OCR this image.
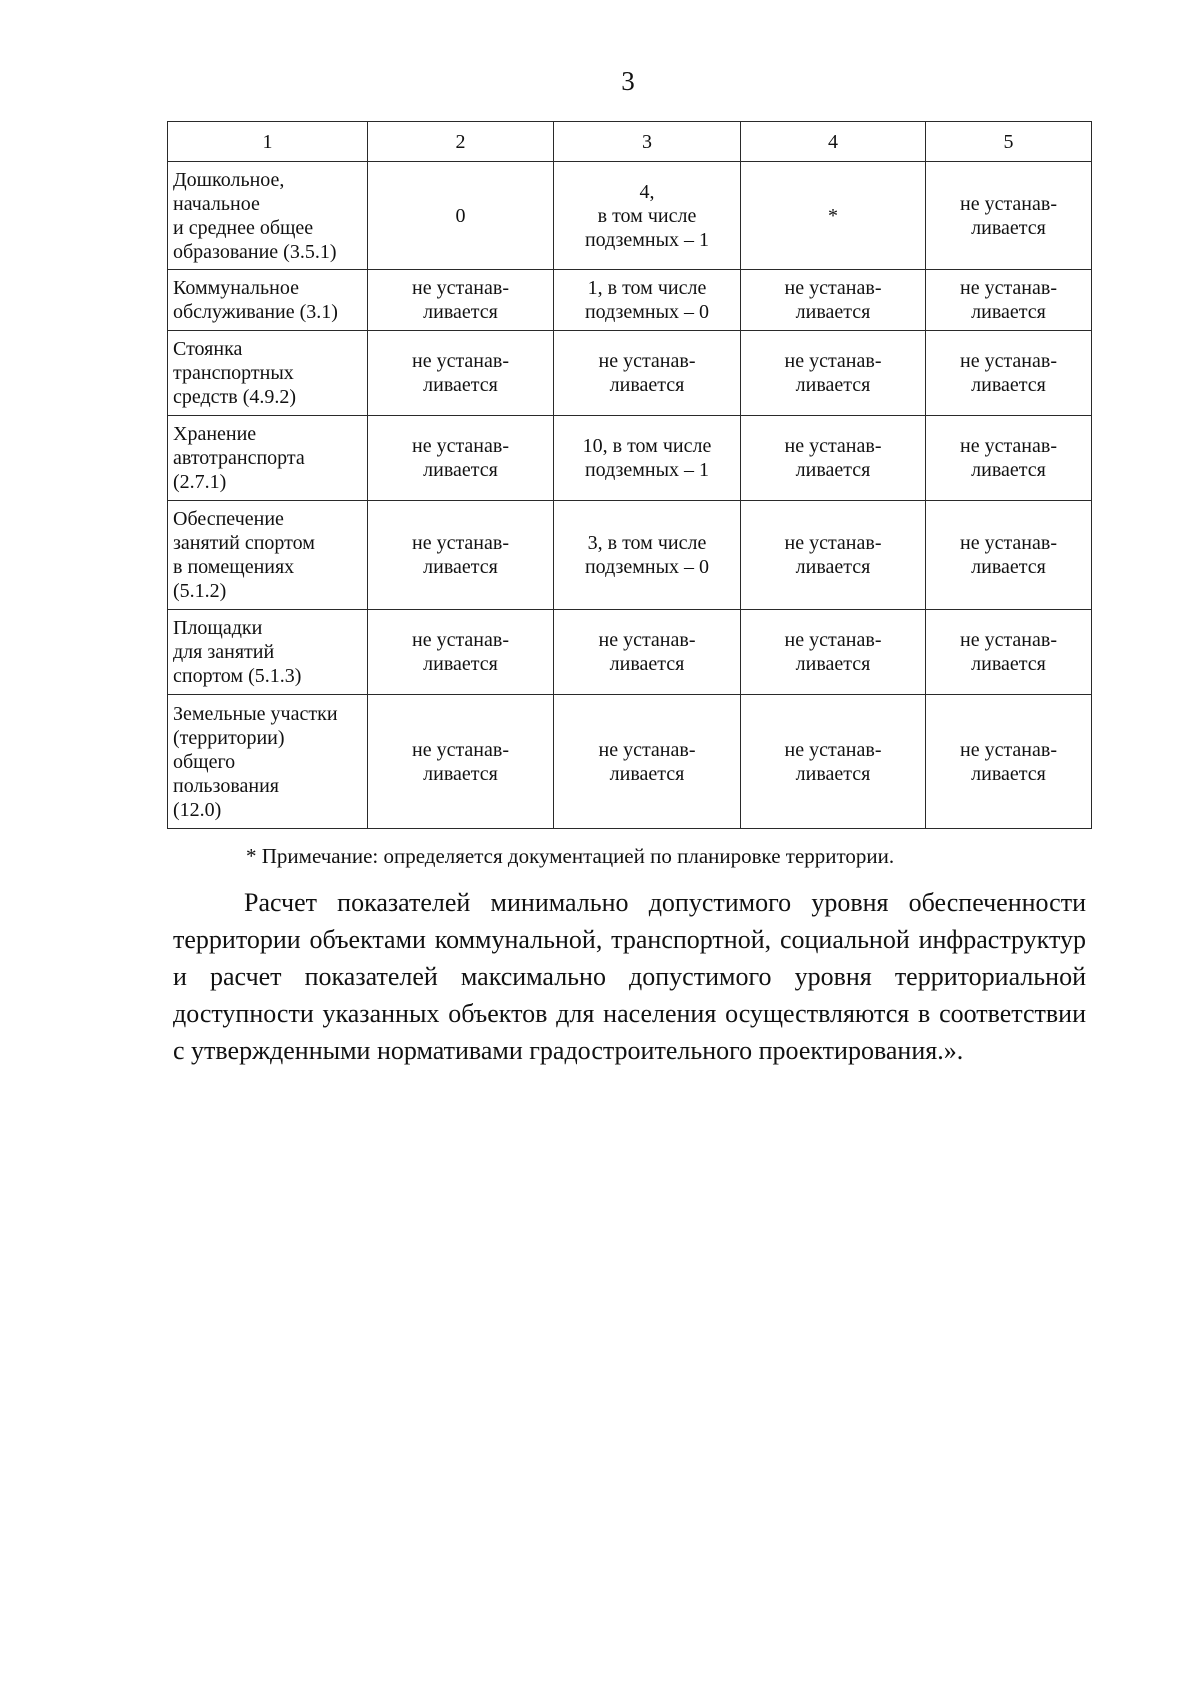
3
1	2	3	4	5
Дошкольное,
начальное
и среднее общее
образование (3.5.1)	0	4,
в том числе
подземных – 1	*	не устанав-
ливается
Коммунальное
обслуживание (3.1)	не устанав-
ливается	1, в том числе
подземных – 0	не устанав-
ливается	не устанав-
ливается
Стоянка
транспортных
средств (4.9.2)	не устанав-
ливается	не устанав-
ливается	не устанав-
ливается	не устанав-
ливается
Хранение
автотранспорта
(2.7.1)	не устанав-
ливается	10, в том числе
подземных – 1	не устанав-
ливается	не устанав-
ливается
Обеспечение
занятий спортом
в помещениях
(5.1.2)	не устанав-
ливается	3, в том числе
подземных – 0	не устанав-
ливается	не устанав-
ливается
Площадки
для занятий
спортом (5.1.3)	не устанав-
ливается	не устанав-
ливается	не устанав-
ливается	не устанав-
ливается
Земельные участки
(территории)
общего
пользования
(12.0)	не устанав-
ливается	не устанав-
ливается	не устанав-
ливается	не устанав-
ливается
* Примечание: определяется документацией по планировке территории.

Расчет показателей минимально допустимого уровня обеспеченности территории объектами коммунальной, транспортной, социальной инфраструктур и расчет показателей максимально допустимого уровня территориальной доступности указанных объектов для населения осуществляются в соответствии с утвержденными нормативами градостроительного проектирования.».
